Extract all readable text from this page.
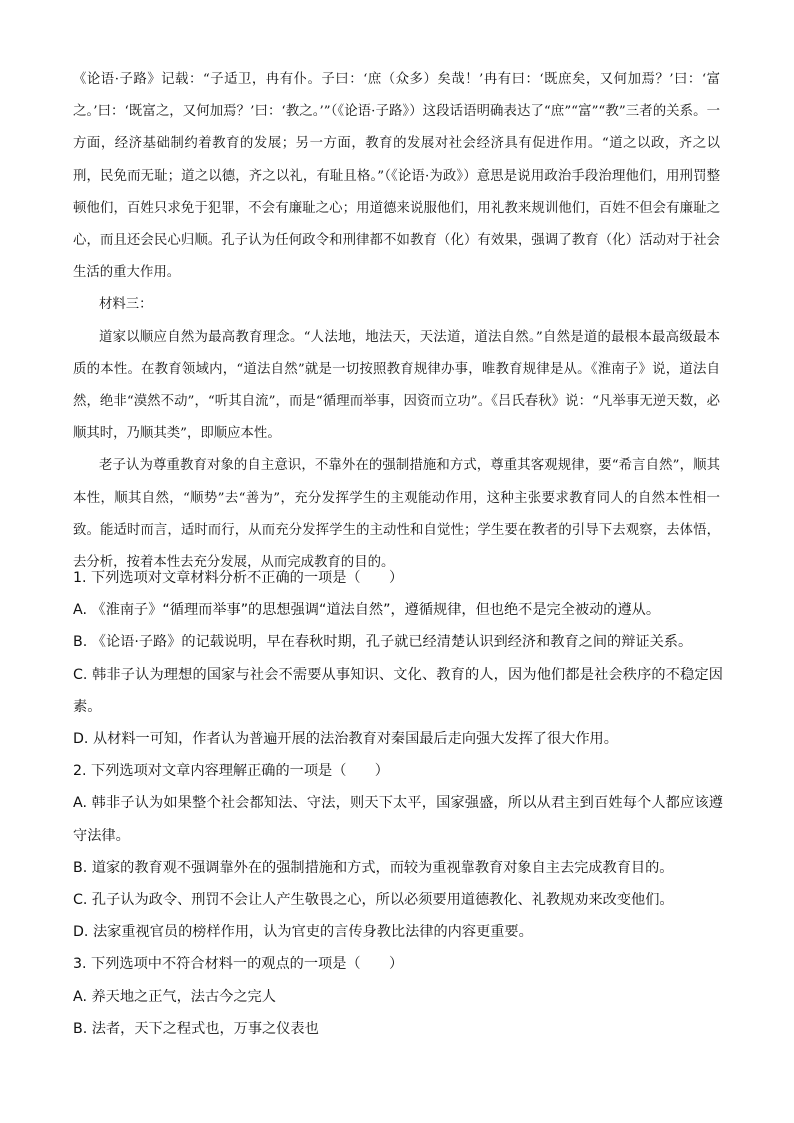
《论语·子路》记载：“子适卫，冉有仆。子曰：‘庶（众多）矣哉！’冉有曰：‘既庶矣，又何加焉？’曰：‘富之。’曰：‘既富之，又何加焉？’曰：‘教之。’”（《论语·子路》）这段话语明确表达了“庶”“富”“教”三者的关系。一方面，经济基础制约着教育的发展；另一方面，教育的发展对社会经济具有促进作用。“道之以政，齐之以刑，民免而无耻；道之以德，齐之以礼，有耻且格。”（《论语·为政》）意思是说用政治手段治理他们，用刑罚整顿他们，百姓只求免于犯罪，不会有廉耻之心；用道德来说服他们，用礼教来规训他们，百姓不但会有廉耻之心，而且还会民心归顺。孔子认为任何政令和刑律都不如教育（化）有效果，强调了教育（化）活动对于社会生活的重大作用。

材料三：

道家以顺应自然为最高教育理念。“人法地，地法天，天法道，道法自然。”自然是道的最根本最高级最本质的本性。在教育领域内，“道法自然”就是一切按照教育规律办事，唯教育规律是从。《淮南子》说，道法自然，绝非“漠然不动”，“听其自流”，而是“循理而举事，因资而立功”。《吕氏春秋》说：“凡举事无逆天数，必顺其时，乃顺其类”，即顺应本性。

老子认为尊重教育对象的自主意识，不靠外在的强制措施和方式，尊重其客观规律，要“希言自然”，顺其本性，顺其自然，“顺势”去“善为”，充分发挥学生的主观能动作用，这种主张要求教育同人的自然本性相一致。能适时而言，适时而行，从而充分发挥学生的主动性和自觉性；学生要在教者的引导下去观察，去体悟，去分析，按着本性去充分发展，从而完成教育的目的。

1. 下列选项对文章材料分析不正确的一项是（　　）

A. 《淮南子》“循理而举事”的思想强调“道法自然”，遵循规律，但也绝不是完全被动的遵从。

B. 《论语·子路》的记载说明，早在春秋时期，孔子就已经清楚认识到经济和教育之间的辩证关系。

C. 韩非子认为理想的国家与社会不需要从事知识、文化、教育的人，因为他们都是社会秩序的不稳定因素。

D. 从材料一可知，作者认为普遍开展的法治教育对秦国最后走向强大发挥了很大作用。

2. 下列选项对文章内容理解正确的一项是（　　）

A. 韩非子认为如果整个社会都知法、守法，则天下太平，国家强盛，所以从君主到百姓每个人都应该遵守法律。

B. 道家的教育观不强调靠外在的强制措施和方式，而较为重视靠教育对象自主去完成教育目的。

C. 孔子认为政令、刑罚不会让人产生敬畏之心，所以必须要用道德教化、礼教规劝来改变他们。

D. 法家重视官员的榜样作用，认为官吏的言传身教比法律的内容更重要。

3. 下列选项中不符合材料一的观点的一项是（　　）

A. 养天地之正气，法古今之完人

B. 法者，天下之程式也，万事之仪表也
